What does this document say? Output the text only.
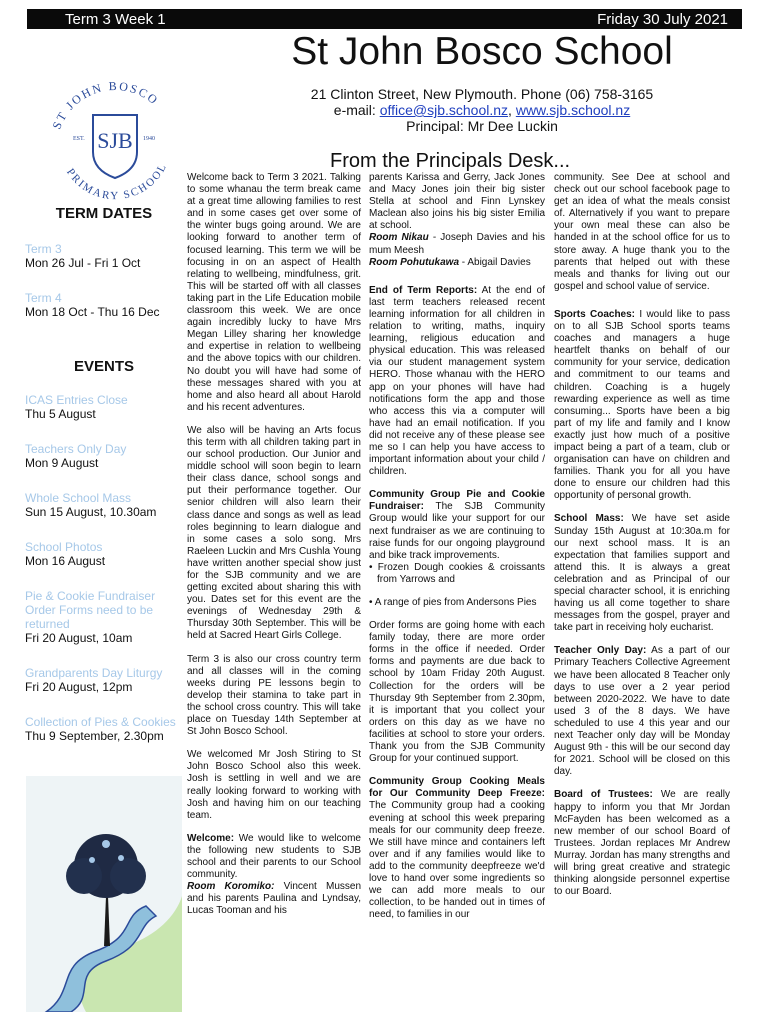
Term 3 Week 1	Friday 30 July 2021
St John Bosco School
21 Clinton Street, New Plymouth. Phone (06) 758-3165
e-mail: office@sjb.school.nz, www.sjb.school.nz
Principal: Mr Dee Luckin
ST JOHN BOSCO
PRIMARY SCHOOL
SJB
EST.	1940
TERM DATES
Term 3
Mon 26 Jul - Fri 1 Oct
Term 4
Mon 18 Oct - Thu 16 Dec
EVENTS
ICAS Entries Close
Thu 5 August
Teachers Only Day
Mon 9 August
Whole School Mass
Sun 15 August, 10.30am
School Photos
Mon 16 August
Pie & Cookie Fundraiser Order Forms need to be returned
Fri 20 August, 10am
Grandparents Day Liturgy
Fri 20 August, 12pm
Collection of Pies & Cookies
Thu 9 September, 2.30pm
From the Principals Desk...

Welcome back to Term 3 2021. Talking to some whanau the term break came at a great time allowing families to rest and in some cases get over some of the winter bugs going around. We are looking forward to another term of focused learning. This term we will be focusing in on an aspect of Health relating to wellbeing, mindfulness, grit. This will be started off with all classes taking part in the Life Education mobile classroom this week. We are once again incredibly lucky to have Mrs Megan Lilley sharing her knowledge and expertise in relation to wellbeing and the above topics with our children. No doubt you will have had some of these messages shared with you at home and also heard all about Harold and his recent adventures.

We also will be having an Arts focus this term with all children taking part in our school production. Our Junior and middle school will soon begin to learn their class dance, school songs and put their performance together. Our senior children will also learn their class dance and songs as well as lead roles beginning to learn dialogue and in some cases a solo song. Mrs Raeleen Luckin and Mrs Cushla Young have written another special show just for the SJB community and we are getting excited about sharing this with you. Dates set for this event are the evenings of Wednesday 29th & Thursday 30th September. This will be held at Sacred Heart Girls College.

Term 3 is also our cross country term and all classes will in the coming weeks during PE lessons begin to develop their stamina to take part in the school cross country. This will take place on Tuesday 14th September at St John Bosco School.

We welcomed Mr Josh Stiring to St John Bosco School also this week. Josh is settling in well and we are really looking forward to working with Josh and having him on our teaching team.

Welcome: We would like to welcome the following new students to SJB school and their parents to our School community.
Room Koromiko: Vincent Mussen and his parents Paulina and Lyndsay, Lucas Tooman and his

parents Karissa and Gerry, Jack Jones and Macy Jones join their big sister Stella at school and Finn Lynskey Maclean also joins his big sister Emilia at school.
Room Nikau - Joseph Davies and his mum Meesh
Room Pohutukawa - Abigail Davies

End of Term Reports: At the end of last term teachers released recent learning information for all children in relation to writing, maths, inquiry learning, religious education and physical education. This was released via our student management system HERO. Those whanau with the HERO app on your phones will have had notifications form the app and those who access this via a computer will have had an email notification. If you did not receive any of these please see me so I can help you have access to important information about your child / children.

Community Group Pie and Cookie Fundraiser: The SJB Community Group would like your support for our next fundraiser as we are continuing to raise funds for our ongoing playground and bike track improvements.

• Frozen Dough cookies & croissants from Yarrows and

• A range of pies from Andersons Pies

Order forms are going home with each family today, there are more order forms in the office if needed. Order forms and payments are due back to school by 10am Friday 20th August. Collection for the orders will be Thursday 9th September from 2.30pm, it is important that you collect your orders on this day as we have no facilities at school to store your orders. Thank you from the SJB Community Group for your continued support.

Community Group Cooking Meals for Our Community Deep Freeze: The Community group had a cooking evening at school this week preparing meals for our community deep freeze. We still have mince and containers left over and if any families would like to add to the community deepfreeze we'd love to hand over some ingredients so we can add more meals to our collection, to be handed out in times of need, to families in our

community. See Dee at school and check out our school facebook page to get an idea of what the meals consist of. Alternatively if you want to prepare your own meal these can also be handed in at the school office for us to store away. A huge thank you to the parents that helped out with these meals and thanks for living out our gospel and school value of service.

Sports Coaches: I would like to pass on to all SJB School sports teams coaches and managers a huge heartfelt thanks on behalf of our community for your service, dedication and commitment to our teams and children. Coaching is a hugely rewarding experience as well as time consuming... Sports have been a big part of my life and family and I know exactly just how much of a positive impact being a part of a team, club or organisation can have on children and families. Thank you for all you have done to ensure our children had this opportunity of personal growth.

School Mass: We have set aside Sunday 15th August at 10:30a.m for our next school mass. It is an expectation that families support and attend this. It is always a great celebration and as Principal of our special character school, it is enriching having us all come together to share messages from the gospel, prayer and take part in receiving holy eucharist.

Teacher Only Day: As a part of our Primary Teachers Collective Agreement we have been allocated 8 Teacher only days to use over a 2 year period between 2020-2022. We have to date used 3 of the 8 days. We have scheduled to use 4 this year and our next Teacher only day will be Monday August 9th - this will be our second day for 2021. School will be closed on this day.

Board of Trustees: We are really happy to inform you that Mr Jordan McFayden has been welcomed as a new member of our school Board of Trustees. Jordan replaces Mr Andrew Murray. Jordan has many strengths and will bring great creative and strategic thinking alongside personnel expertise to our Board.
